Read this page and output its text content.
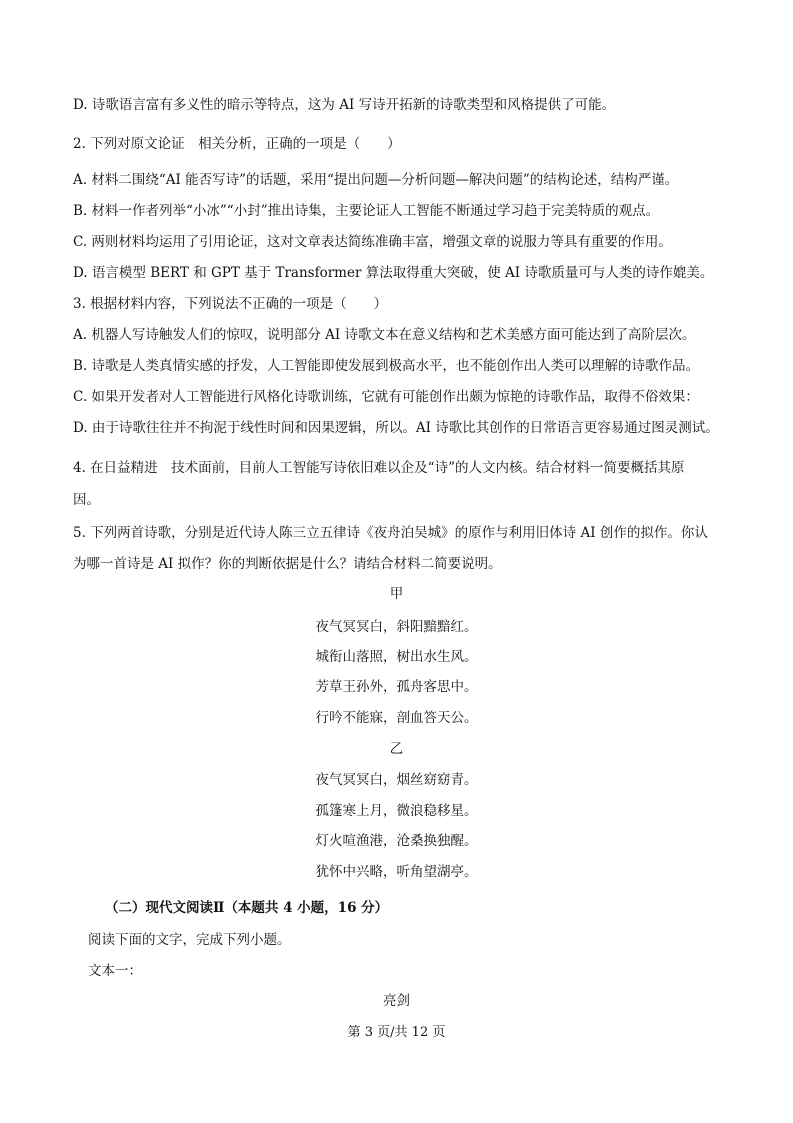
D. 诗歌语言富有多义性的暗示等特点，这为 AI 写诗开拓新的诗歌类型和风格提供了可能。
2. 下列对原文论证　相关分析，正确的一项是（　　）
A. 材料二围绕“AI 能否写诗”的话题，采用“提出问题—分析问题—解决问题”的结构论述，结构严谨。
B. 材料一作者列举“小冰”“小封”推出诗集，主要论证人工智能不断通过学习趋于完美特质的观点。
C. 两则材料均运用了引用论证，这对文章表达简练准确丰富，增强文章的说服力等具有重要的作用。
D. 语言模型 BERT 和 GPT 基于 Transformer 算法取得重大突破，使 AI 诗歌质量可与人类的诗作媲美。
3. 根据材料内容，下列说法不正确的一项是（　　）
A. 机器人写诗触发人们的惊叹，说明部分 AI 诗歌文本在意义结构和艺术美感方面可能达到了高阶层次。
B. 诗歌是人类真情实感的抒发，人工智能即使发展到极高水平，也不能创作出人类可以理解的诗歌作品。
C. 如果开发者对人工智能进行风格化诗歌训练，它就有可能创作出颇为惊艳的诗歌作品，取得不俗效果：
D. 由于诗歌往往并不拘泥于线性时间和因果逻辑，所以。AI 诗歌比其创作的日常语言更容易通过图灵测试。
4. 在日益精进　技术面前，目前人工智能写诗依旧难以企及“诗”的人文内核。结合材料一简要概括其原
因。
5. 下列两首诗歌，分别是近代诗人陈三立五律诗《夜舟泊吴城》的原作与利用旧体诗 AI 创作的拟作。你认
为哪一首诗是 AI 拟作？你的判断依据是什么？请结合材料二简要说明。
甲
夜气冥冥白，斜阳黯黯红。
城衔山落照，树出水生风。
芳草王孙外，孤舟客思中。
行吟不能寐，剖血答天公。
乙
夜气冥冥白，烟丝窈窈青。
孤篷寒上月，微浪稳移星。
灯火喧渔港，沧桑换独醒。
犹怀中兴略，听角望湖亭。
（二）现代文阅读Ⅱ（本题共 4 小题，16 分）
阅读下面的文字，完成下列小题。
文本一：
亮剑
第 3 页/共 12 页
